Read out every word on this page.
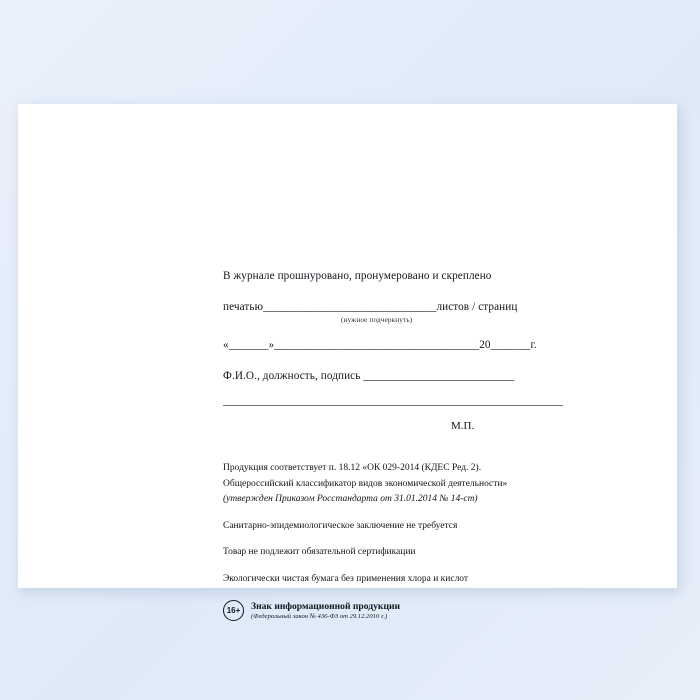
В журнале прошнуровано, пронумеровано и скреплено
печатью_______________________________листов / страниц
(нужное подчеркнуть)
«_______»____________________________________20_______г.
Ф.И.О., должность, подпись ___________________________
_______________________________________________________________
М.П.
Продукция соответствует п. 18.12 «ОК 029-2014 (КДЕС Ред. 2).
Общероссийский классификатор видов экономической деятельности»
(утвержден Приказом Росстандарта от 31.01.2014 № 14-ст)
Санитарно-эпидемиологическое заключение не требуется
Товар не подлежит обязательной сертификации
Экологически чистая бумага без применения хлора и кислот
16+	Знак информационной продукции
(Федеральный закон № 436-ФЗ от 29.12.2010 г.)
